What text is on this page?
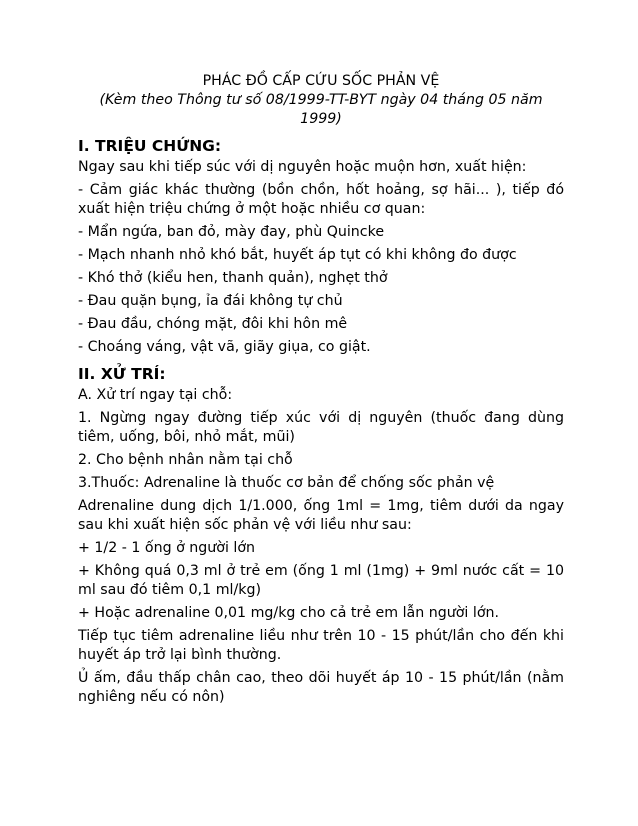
PHÁC ĐỒ CẤP CỨU SỐC PHẢN VỆ

(Kèm theo Thông tư số 08/1999-TT-BYT ngày 04 tháng 05 năm 1999)

I. TRIỆU CHỨNG:

Ngay sau khi tiếp súc với dị nguyên hoặc muộn hơn, xuất hiện:

- Cảm giác khác thường (bồn chồn, hốt hoảng, sợ hãi... ), tiếp đó xuất hiện triệu chứng ở một hoặc nhiều cơ quan:

- Mẩn ngứa, ban đỏ, mày đay, phù Quincke

- Mạch nhanh nhỏ khó bắt, huyết áp tụt có khi không đo được

- Khó thở (kiểu hen, thanh quản), nghẹt thở

- Đau quặn bụng, ỉa đái không tự chủ

- Đau đầu, chóng mặt, đôi khi hôn mê

- Choáng váng, vật vã, giãy giụa, co giật.

II. XỬ TRÍ:

A. Xử trí ngay tại chỗ:

1. Ngừng ngay đường tiếp xúc với dị nguyên (thuốc đang dùng tiêm, uống, bôi, nhỏ mắt, mũi)

2. Cho bệnh nhân nằm tại chỗ

3.Thuốc: Adrenaline là thuốc cơ bản để chống sốc phản vệ

Adrenaline dung dịch 1/1.000, ống 1ml = 1mg, tiêm dưới da ngay sau khi xuất hiện sốc phản vệ với liều như sau:

+ 1/2 - 1 ống ở người lớn

+ Không quá 0,3 ml ở trẻ em (ống 1 ml (1mg) + 9ml nước cất = 10 ml sau đó tiêm 0,1 ml/kg)

+ Hoặc adrenaline 0,01 mg/kg cho cả trẻ em lẫn người lớn.

Tiếp tục tiêm adrenaline liều như trên 10 - 15 phút/lần cho đến khi huyết áp trở lại bình thường.

Ủ ấm, đầu thấp chân cao, theo dõi huyết áp 10 - 15 phút/lần (nằm nghiêng nếu có nôn)
